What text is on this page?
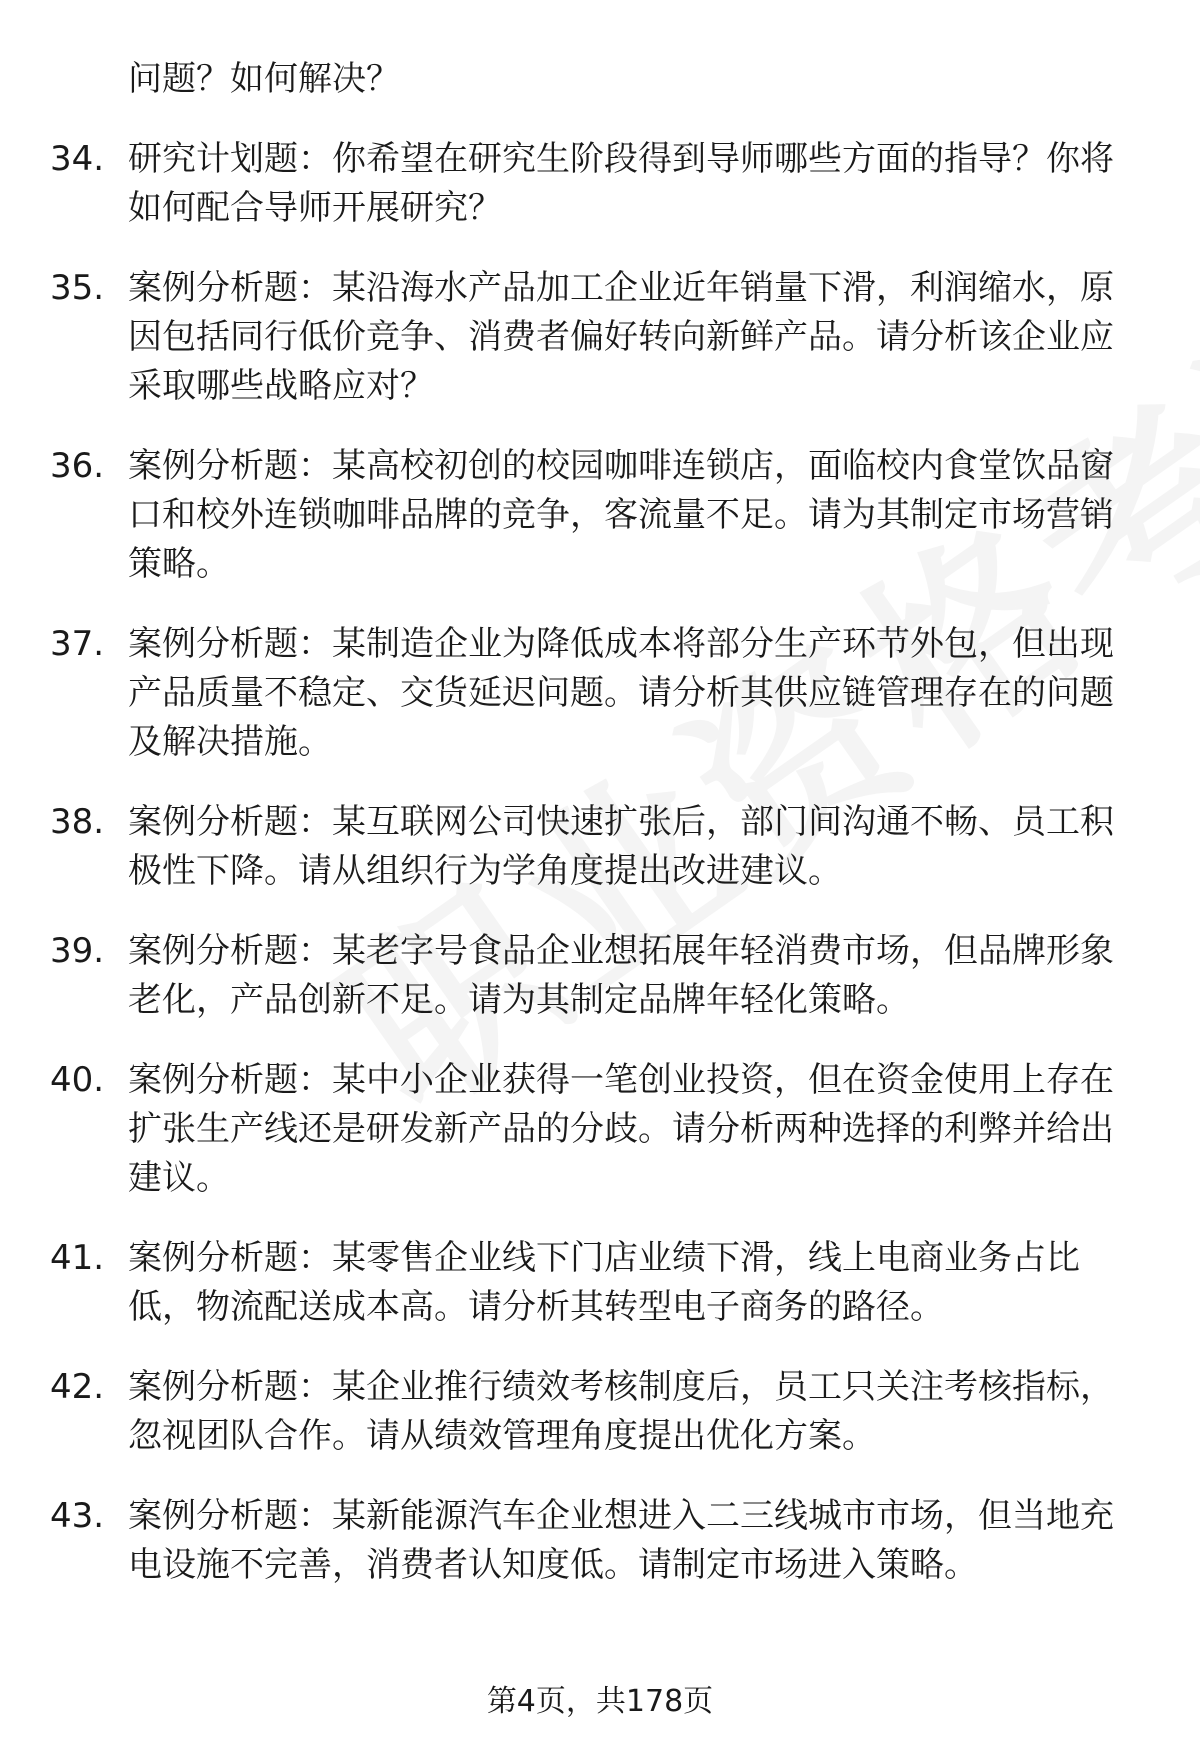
问题？如何解决？
34. 研究计划题：你希望在研究生阶段得到导师哪些方面的指导？你将如何配合导师开展研究？
35. 案例分析题：某沿海水产品加工企业近年销量下滑，利润缩水，原因包括同行低价竞争、消费者偏好转向新鲜产品。请分析该企业应采取哪些战略应对？
36. 案例分析题：某高校初创的校园咖啡连锁店，面临校内食堂饮品窗口和校外连锁咖啡品牌的竞争，客流量不足。请为其制定市场营销策略。
37. 案例分析题：某制造企业为降低成本将部分生产环节外包，但出现产品质量不稳定、交货延迟问题。请分析其供应链管理存在的问题及解决措施。
38. 案例分析题：某互联网公司快速扩张后，部门间沟通不畅、员工积极性下降。请从组织行为学角度提出改进建议。
39. 案例分析题：某老字号食品企业想拓展年轻消费市场，但品牌形象老化，产品创新不足。请为其制定品牌年轻化策略。
40. 案例分析题：某中小企业获得一笔创业投资，但在资金使用上存在扩张生产线还是研发新产品的分歧。请分析两种选择的利弊并给出建议。
41. 案例分析题：某零售企业线下门店业绩下滑，线上电商业务占比低，物流配送成本高。请分析其转型电子商务的路径。
42. 案例分析题：某企业推行绩效考核制度后，员工只关注考核指标，忽视团队合作。请从绩效管理角度提出优化方案。
43. 案例分析题：某新能源汽车企业想进入二三线城市市场，但当地充电设施不完善，消费者认知度低。请制定市场进入策略。
第4页，共178页
